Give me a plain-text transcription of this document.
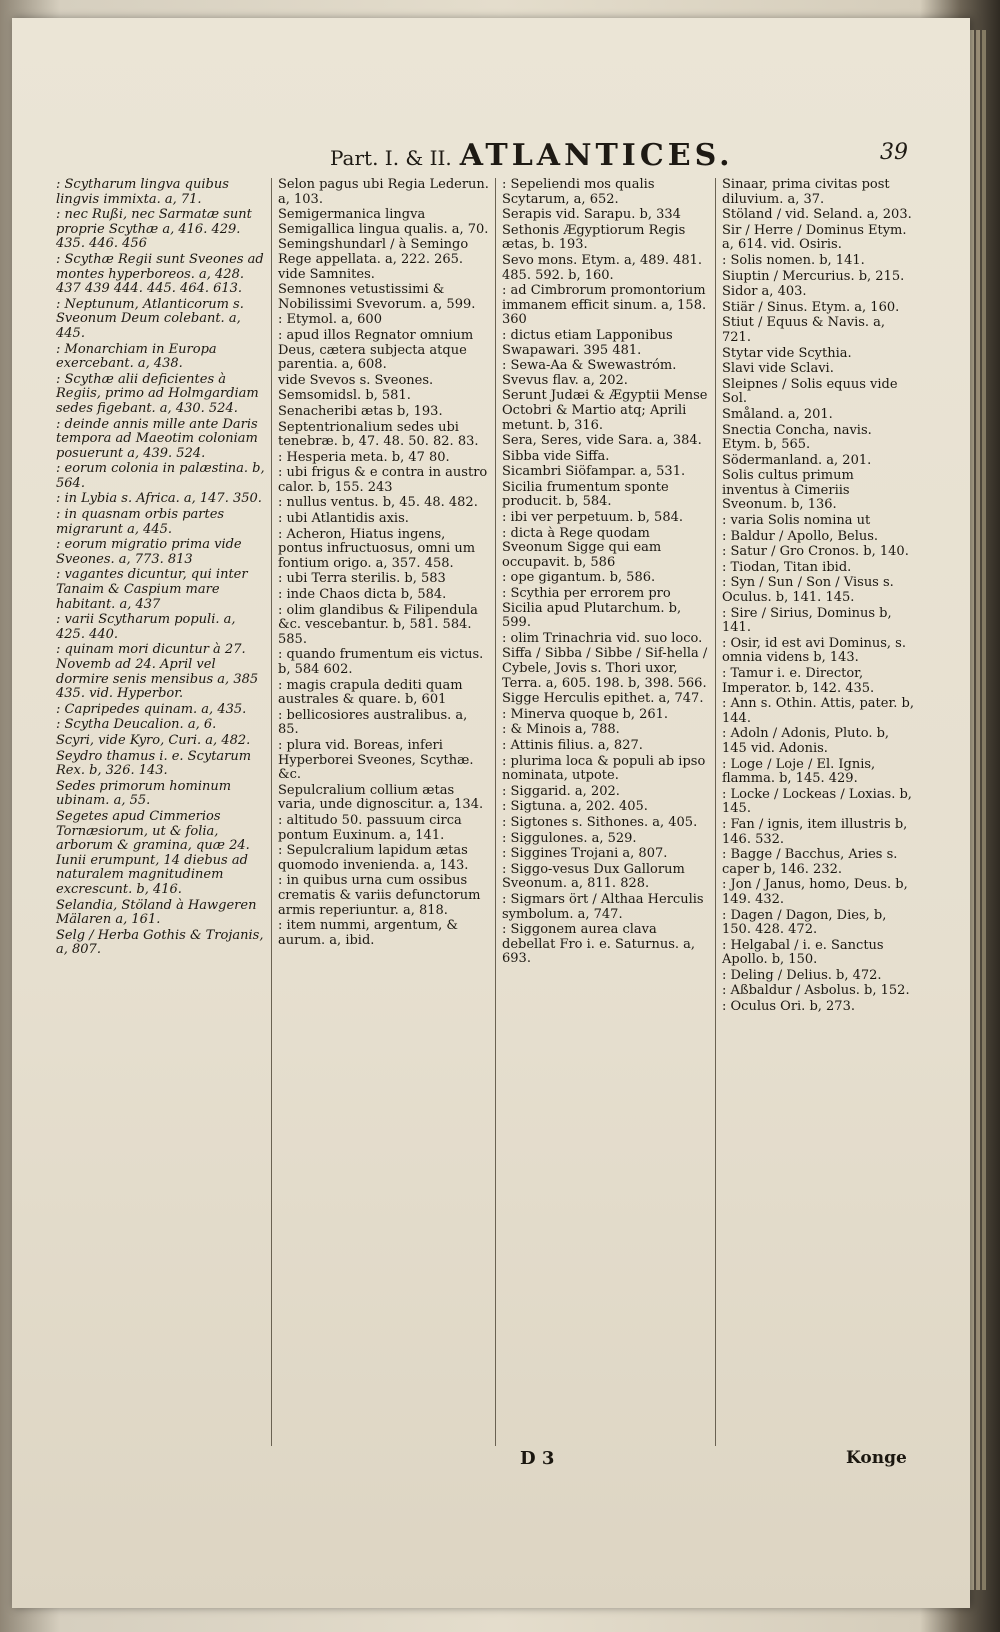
Part. I. & II. ATLANTICES.	39

: Scytharum lingva quibus lingvis immixta. a, 71.

: nec Rußi, nec Sarmatæ sunt proprie Scythæ a, 416. 429. 435. 446. 456

: Scythæ Regii sunt Sveones ad montes hyperboreos. a, 428. 437 439 444. 445. 464. 613.

: Neptunum, Atlanticorum s. Sveonum Deum colebant. a, 445.

: Monarchiam in Europa exercebant. a, 438.

: Scythæ alii deficientes à Regiis, primo ad Holmgardiam sedes figebant. a, 430. 524.

: deinde annis mille ante Daris tempora ad Maeotim coloniam posuerunt a, 439. 524.

: eorum colonia in palæstina. b, 564.

: in Lybia s. Africa. a, 147. 350.

: in quasnam orbis partes migrarunt a, 445.

: eorum migratio prima vide Sveones. a, 773. 813

: vagantes dicuntur, qui inter Tanaim & Caspium mare habitant. a, 437

: varii Scytharum populi. a, 425. 440.

: quinam mori dicuntur à 27. Novemb ad 24. April vel dormire senis mensibus a, 385 435. vid. Hyperbor.

: Capripedes quinam. a, 435.

: Scytha Deucalion. a, 6.

Scyri, vide Kyro, Curi. a, 482.

Seydro thamus i. e. Scytarum Rex. b, 326. 143.

Sedes primorum hominum ubinam. a, 55.

Segetes apud Cimmerios Tornæsiorum, ut & folia, arborum & gramina, quæ 24. Iunii erumpunt, 14 diebus ad naturalem magnitudinem excrescunt. b, 416.

Selandia, Stöland à Hawgeren Mälaren a, 161.

Selg / Herba Gothis & Trojanis, a, 807.

Selon pagus ubi Regia Lederun. a, 103.

Semigermanica lingva Semigallica lingua qualis. a, 70.

Semingshundarl / à Semingo Rege appellata. a, 222. 265. vide Samnites.

Semnones vetustissimi & Nobilissimi Svevorum. a, 599.

: Etymol. a, 600

: apud illos Regnator omnium Deus, cætera subjecta atque parentia. a, 608.

vide Svevos s. Sveones.

Semsomidsl. b, 581.

Senacheribi ætas b, 193.

Septentrionalium sedes ubi tenebræ. b, 47. 48. 50. 82. 83.

: Hesperia meta. b, 47 80.

: ubi frigus & e contra in austro calor. b, 155. 243

: nullus ventus. b, 45. 48. 482.

: ubi Atlantidis axis.

: Acheron, Hiatus ingens, pontus infructuosus, omni um fontium origo. a, 357. 458.

: ubi Terra sterilis. b, 583

: inde Chaos dicta b, 584.

: olim glandibus & Filipendula &c. vescebantur. b, 581. 584. 585.

: quando frumentum eis victus. b, 584 602.

: magis crapula dediti quam australes & quare. b, 601

: bellicosiores australibus. a, 85.

: plura vid. Boreas, inferi Hyperborei Sveones, Scythæ. &c.

Sepulcralium collium ætas varia, unde dignoscitur. a, 134.

: altitudo 50. passuum circa pontum Euxinum. a, 141.

: Sepulcralium lapidum ætas quomodo invenienda. a, 143.

: in quibus urna cum ossibus crematis & variis defunctorum armis reperiuntur. a, 818.

: item nummi, argentum, & aurum. a, ibid.

: Sepeliendi mos qualis Scytarum, a, 652.

Serapis vid. Sarapu. b, 334

Sethonis Ægyptiorum Regis ætas, b. 193.

Sevo mons. Etym. a, 489. 481. 485. 592. b, 160.

: ad Cimbrorum promontorium immanem efficit sinum. a, 158. 360

: dictus etiam Lapponibus Swapawari. 395 481.

: Sewa-Aa & Swewastróm. Svevus flav. a, 202.

Serunt Judæi & Ægyptii Mense Octobri & Martio atq; Aprili metunt. b, 316.

Sera, Seres, vide Sara. a, 384.

Sibba vide Siffa.

Sicambri Siöfampar. a, 531.

Sicilia frumentum sponte producit. b, 584.

: ibi ver perpetuum. b, 584.

: dicta à Rege quodam Sveonum Sigge qui eam occupavit. b, 586

: ope gigantum. b, 586.

: Scythia per errorem pro Sicilia apud Plutarchum. b, 599.

: olim Trinachria vid. suo loco.

Siffa / Sibba / Sibbe / Sif-hella / Cybele, Jovis s. Thori uxor, Terra. a, 605. 198. b, 398. 566.

Sigge Herculis epithet. a, 747.

: Minerva quoque b, 261.

: & Minois a, 788.

: Attinis filius. a, 827.

: plurima loca & populi ab ipso nominata, utpote.

: Siggarid. a, 202.

: Sigtuna. a, 202. 405.

: Sigtones s. Sithones. a, 405.

: Siggulones. a, 529.

: Siggines Trojani a, 807.

: Siggo-vesus Dux Gallorum Sveonum. a, 811. 828.

: Sigmars ört / Althaa Herculis symbolum. a, 747.

: Siggonem aurea clava debellat Fro i. e. Saturnus. a, 693.

Sinaar, prima civitas post diluvium. a, 37.

Stöland / vid. Seland. a, 203.

Sir / Herre / Dominus Etym. a, 614. vid. Osiris.

: Solis nomen. b, 141.

Siuptin / Mercurius. b, 215.

Sidor a, 403.

Stiär / Sinus. Etym. a, 160.

Stiut / Equus & Navis. a, 721.

Stytar vide Scythia.

Slavi vide Sclavi.

Sleipnes / Solis equus vide Sol.

Småland. a, 201.

Snectia Concha, navis. Etym. b, 565.

Södermanland. a, 201.

Solis cultus primum inventus à Cimeriis Sveonum. b, 136.

: varia Solis nomina ut

: Baldur / Apollo, Belus.

: Satur / Gro Cronos. b, 140.

: Tiodan, Titan ibid.

: Syn / Sun / Son / Visus s. Oculus. b, 141. 145.

: Sire / Sirius, Dominus b, 141.

: Osir, id est avi Dominus, s. omnia videns b, 143.

: Tamur i. e. Director, Imperator. b, 142. 435.

: Ann s. Othin. Attis, pater. b, 144.

: Adoln / Adonis, Pluto. b, 145 vid. Adonis.

: Loge / Loje / El. Ignis, flamma. b, 145. 429.

: Locke / Lockeas / Loxias. b, 145.

: Fan / ignis, item illustris b, 146. 532.

: Bagge / Bacchus, Aries s. caper b, 146. 232.

: Jon / Janus, homo, Deus. b, 149. 432.

: Dagen / Dagon, Dies, b, 150. 428. 472.

: Helgabal / i. e. Sanctus Apollo. b, 150.

: Deling / Delius. b, 472.

: Aßbaldur / Asbolus. b, 152.

: Oculus Ori. b, 273.

D 3	Konge
